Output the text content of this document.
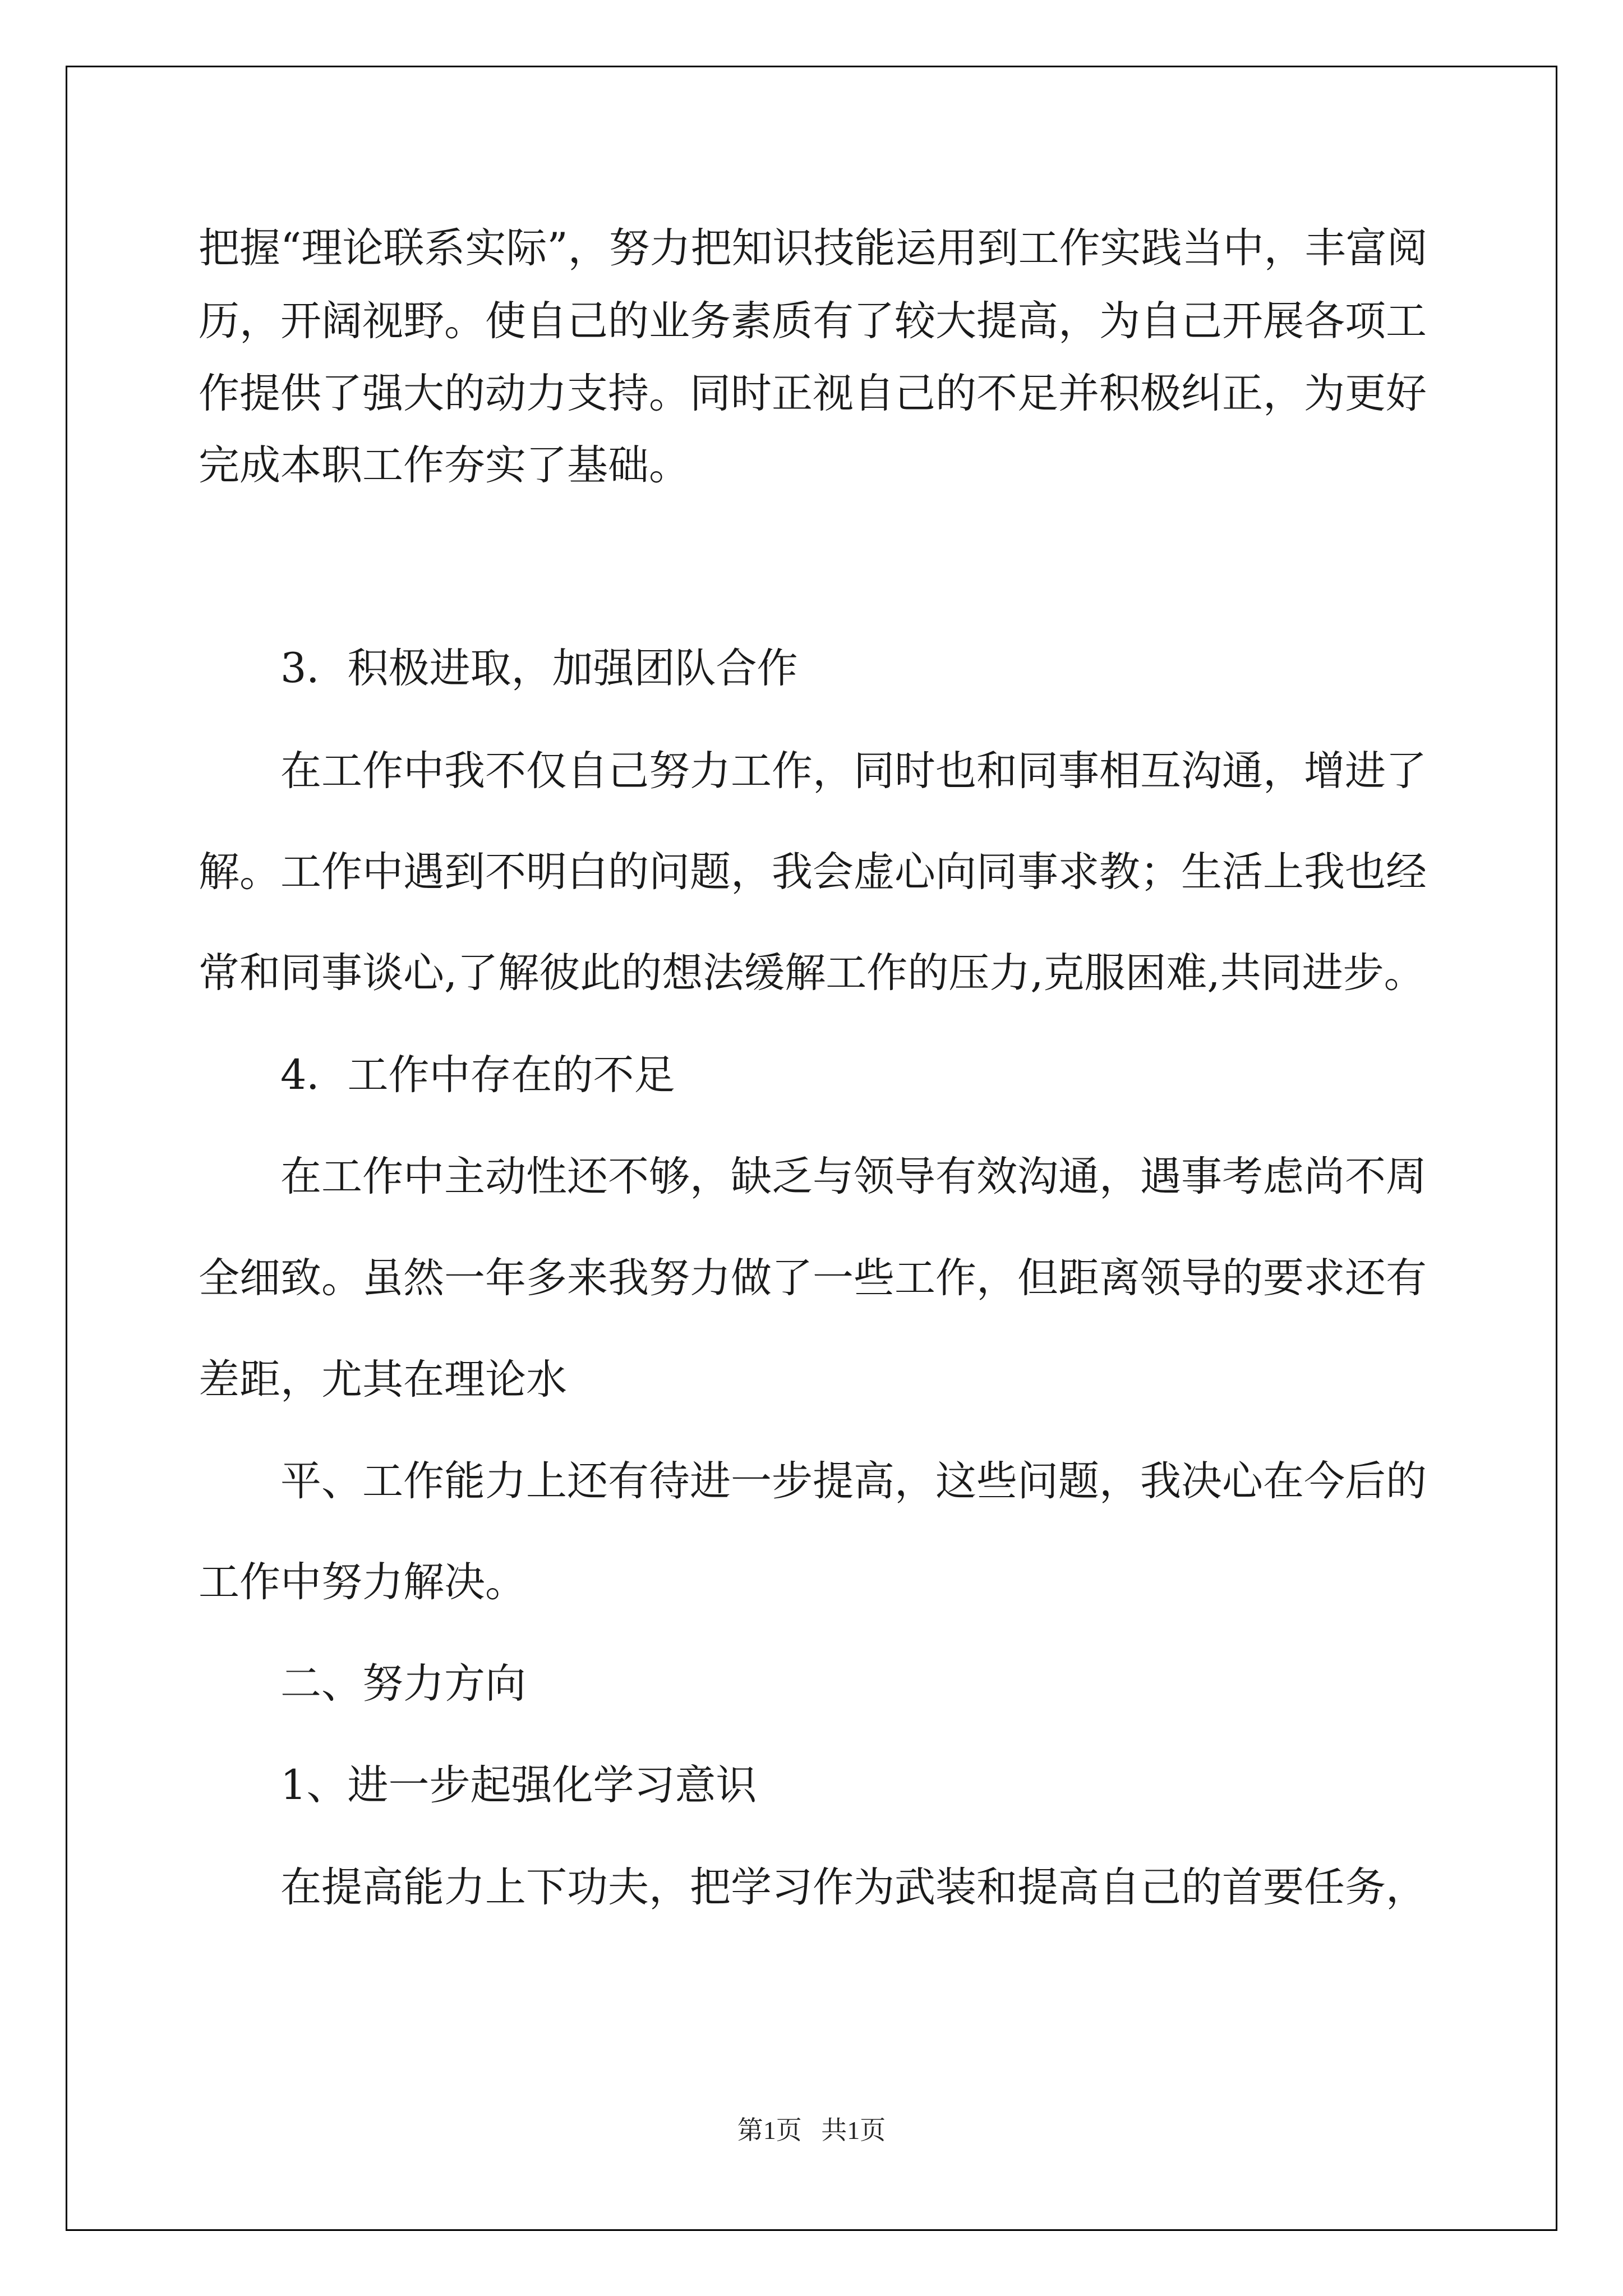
把握“理论联系实际”，努力把知识技能运用到工作实践当中，丰富阅

历，开阔视野。使自己的业务素质有了较大提高，为自己开展各项工

作提供了强大的动力支持。同时正视自己的不足并积极纠正，为更好

完成本职工作夯实了基础。

3．积极进取，加强团队合作

在工作中我不仅自己努力工作，同时也和同事相互沟通，增进了

解。工作中遇到不明白的问题，我会虚心向同事求教；生活上我也经

常和同事谈心,了解彼此的想法缓解工作的压力,克服困难,共同进步。

4．工作中存在的不足

在工作中主动性还不够，缺乏与领导有效沟通，遇事考虑尚不周

全细致。虽然一年多来我努力做了一些工作，但距离领导的要求还有

差距，尤其在理论水

平、工作能力上还有待进一步提高，这些问题，我决心在今后的

工作中努力解决。

二、努力方向

1、进一步起强化学习意识

在提高能力上下功夫，把学习作为武装和提高自己的首要任务，

第1页 共1页
